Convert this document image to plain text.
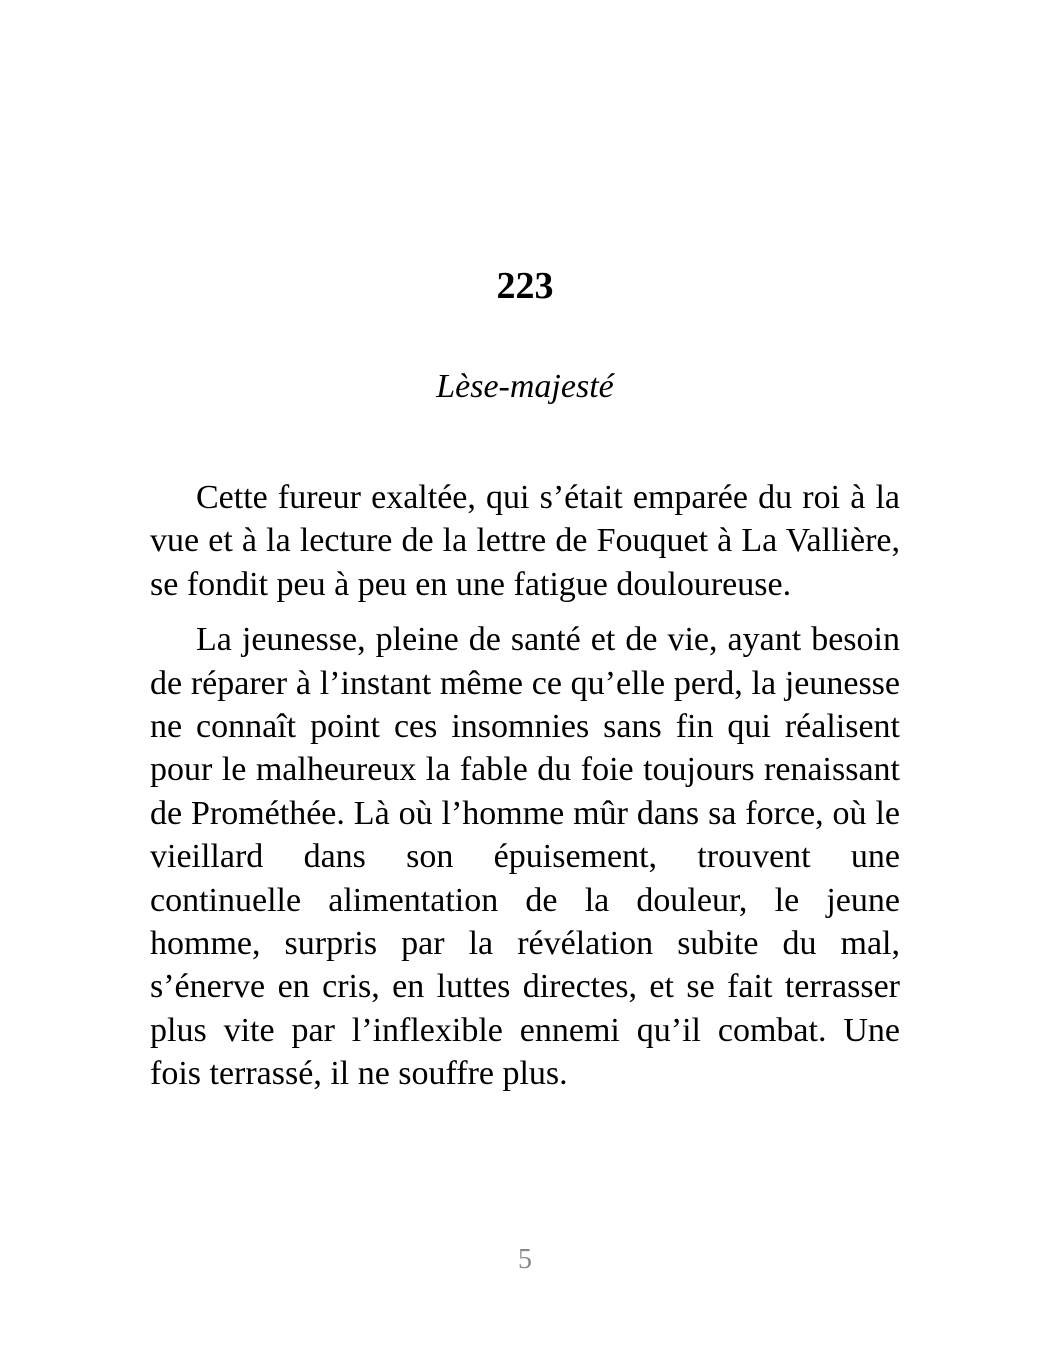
223
Lèse-majesté

Cette fureur exaltée, qui s’était emparée du roi à la vue et à la lecture de la lettre de Fouquet à La Vallière, se fondit peu à peu en une fatigue douloureuse.

La jeunesse, pleine de santé et de vie, ayant besoin de réparer à l’instant même ce qu’elle perd, la jeunesse ne connaît point ces insomnies sans fin qui réalisent pour le malheureux la fable du foie toujours renaissant de Prométhée. Là où l’homme mûr dans sa force, où le vieillard dans son épuisement, trouvent une continuelle alimentation de la douleur, le jeune homme, surpris par la révélation subite du mal, s’énerve en cris, en luttes directes, et se fait terrasser plus vite par l’inflexible ennemi qu’il combat. Une fois terrassé, il ne souffre plus.

5
